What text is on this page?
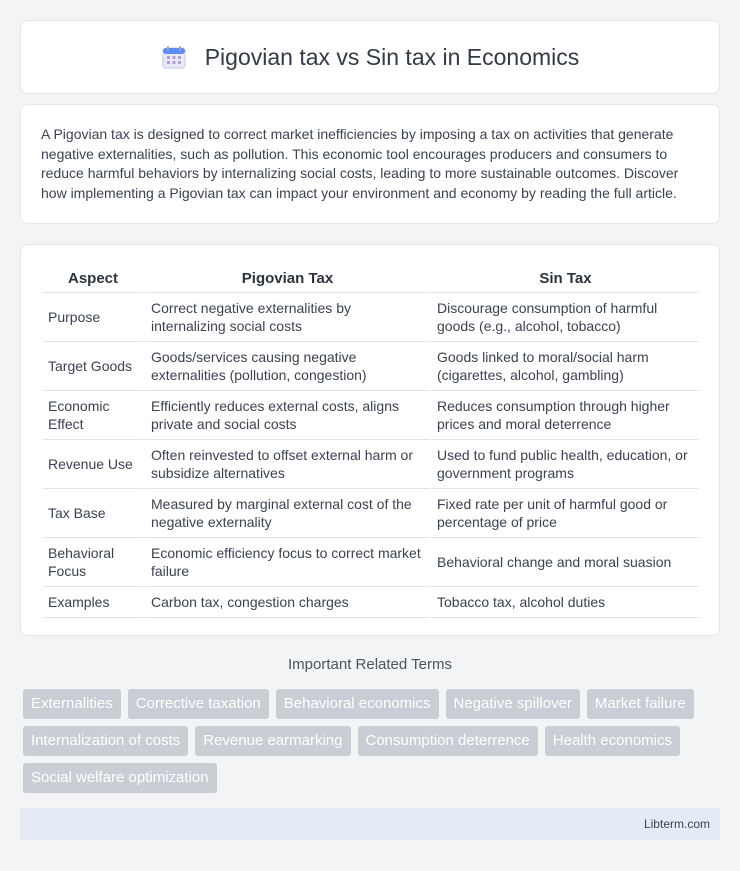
Pigovian tax vs Sin tax in Economics

A Pigovian tax is designed to correct market inefficiencies by imposing a tax on activities that generate negative externalities, such as pollution. This economic tool encourages producers and consumers to reduce harmful behaviors by internalizing social costs, leading to more sustainable outcomes. Discover how implementing a Pigovian tax can impact your environment and economy by reading the full article.

Aspect	Pigovian Tax	Sin Tax
Purpose	Correct negative externalities by internalizing social costs	Discourage consumption of harmful goods (e.g., alcohol, tobacco)
Target Goods	Goods/services causing negative externalities (pollution, congestion)	Goods linked to moral/social harm (cigarettes, alcohol, gambling)
Economic Effect	Efficiently reduces external costs, aligns private and social costs	Reduces consumption through higher prices and moral deterrence
Revenue Use	Often reinvested to offset external harm or subsidize alternatives	Used to fund public health, education, or government programs
Tax Base	Measured by marginal external cost of the negative externality	Fixed rate per unit of harmful good or percentage of price
Behavioral Focus	Economic efficiency focus to correct market failure	Behavioral change and moral suasion
Examples	Carbon tax, congestion charges	Tobacco tax, alcohol duties
Important Related Terms
Externalities	Corrective taxation	Behavioral economics	Negative spillover	Market failure
Internalization of costs	Revenue earmarking	Consumption deterrence	Health economics
Social welfare optimization
Libterm.com
